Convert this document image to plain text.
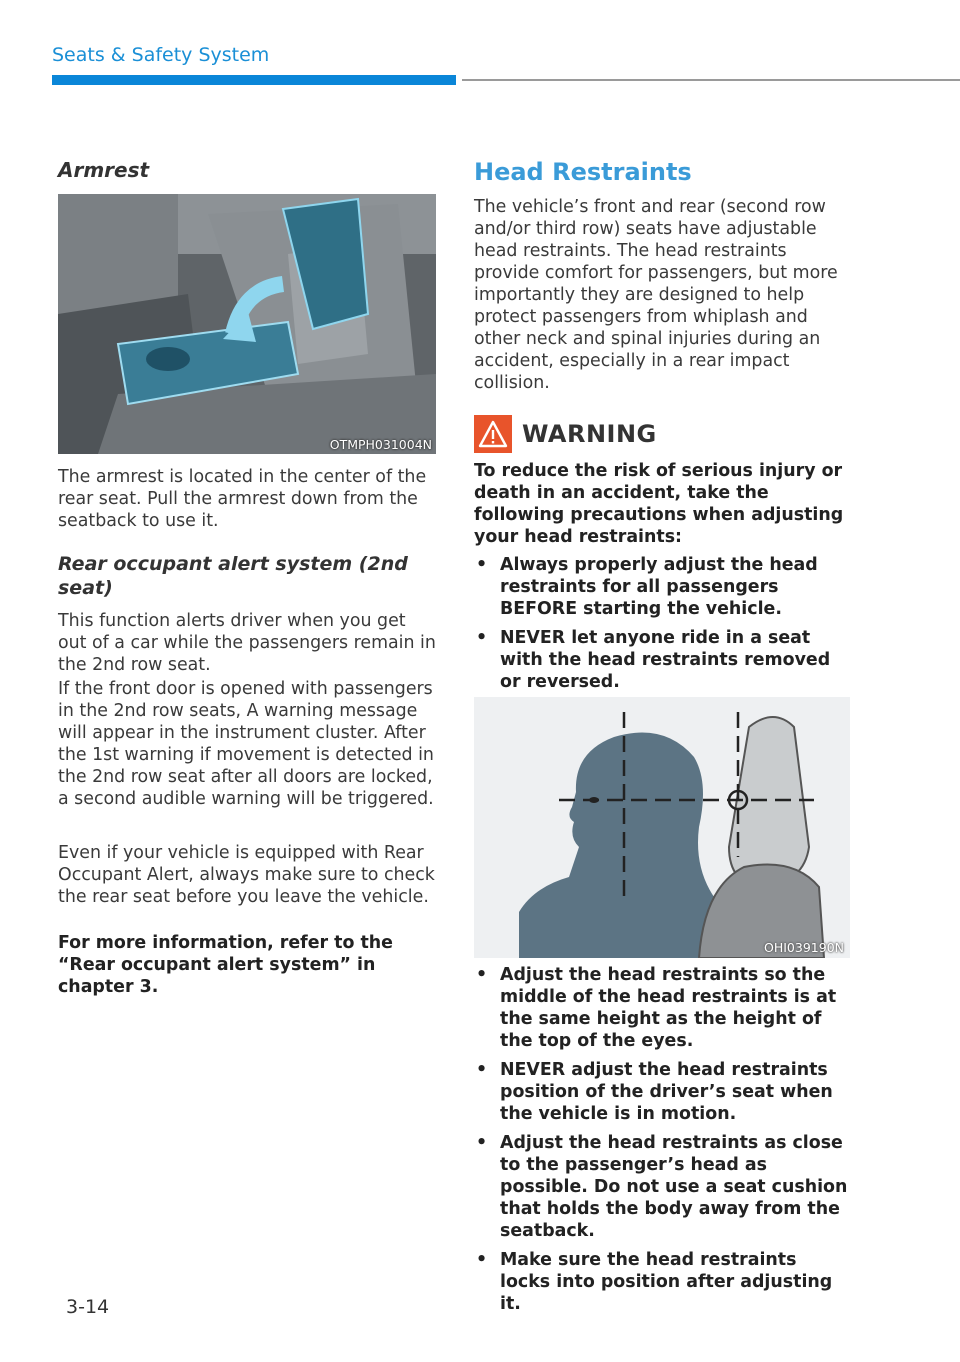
Seats & Safety System
Armrest
OTMPH031004N

The armrest is located in the center of the rear seat. Pull the armrest down from the seatback to use it.

Rear occupant alert system (2nd seat)

This function alerts driver when you get out of a car while the passengers remain in the 2nd row seat.

If the front door is opened with passengers in the 2nd row seats, A warning message will appear in the instrument cluster. After the 1st warning if movement is detected in the 2nd row seat after all doors are locked, a second audible warning will be triggered.

Even if your vehicle is equipped with Rear Occupant Alert, always make sure to check the rear seat before you leave the vehicle.

For more information, refer to the “Rear occupant alert system” in chapter 3.

Head Restraints

The vehicle’s front and rear (second row and/or third row) seats have adjustable head restraints. The head restraints provide comfort for passengers, but more importantly they are designed to help protect passengers from whiplash and other neck and spinal injuries during an accident, especially in a rear impact collision.

WARNING

To reduce the risk of serious injury or death in an accident, take the following precautions when adjusting your head restraints:

• Always properly adjust the head restraints for all passengers BEFORE starting the vehicle.
• NEVER let anyone ride in a seat with the head restraints removed or reversed.
OHI039190N
• Adjust the head restraints so the middle of the head restraints is at the same height as the height of the top of the eyes.
• NEVER adjust the head restraints position of the driver’s seat when the vehicle is in motion.
• Adjust the head restraints as close to the passenger’s head as possible. Do not use a seat cushion that holds the body away from the seatback.
• Make sure the head restraints locks into position after adjusting it.
3-14
